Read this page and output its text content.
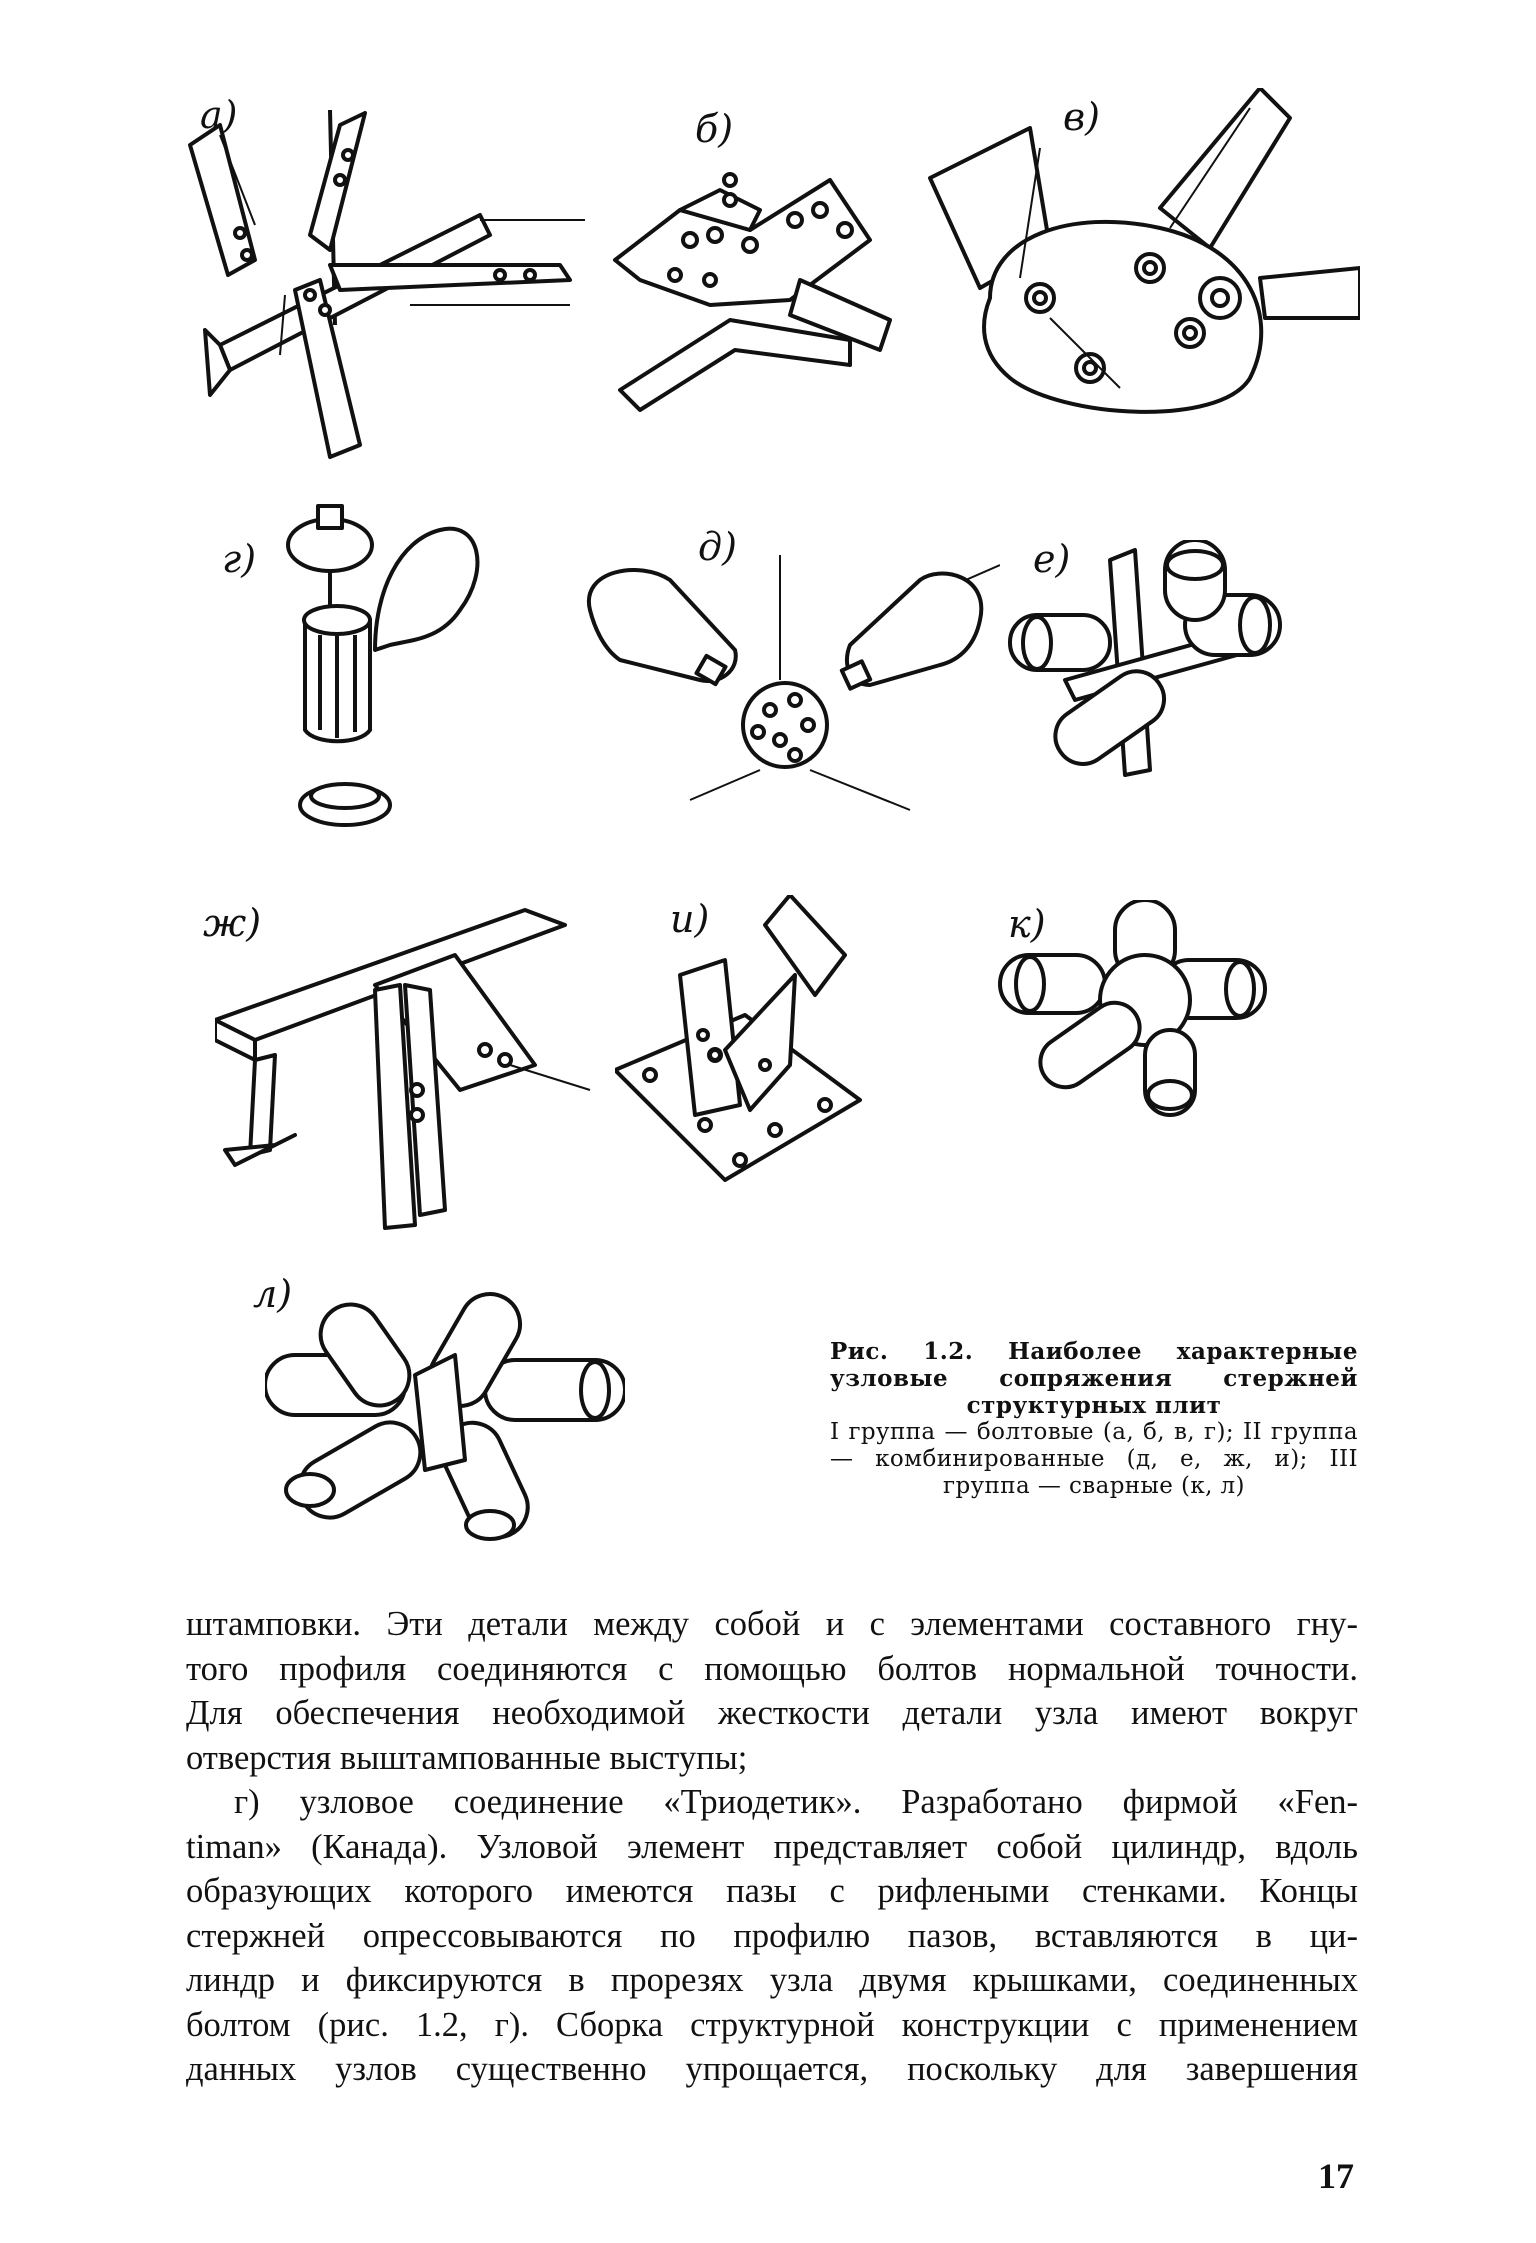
а)	б)	в)
г)	д)	е)
ж)	и)	к)
л)
Рис. 1.2. Наиболее характерные узловые сопряжения стержней структурных плит
I группа — болтовые (а, б, в, г); II группа — комбинированные (д, е, ж, и); III группа — сварные (к, л)

штамповки. Эти детали между собой и с элементами составного гну-

того профиля соединяются с помощью болтов нормальной точности.

Для обеспечения необходимой жесткости детали узла имеют вокруг

отверстия выштампованные выступы;

г) узловое соединение «Триодетик». Разработано фирмой «Fen-

timan» (Канада). Узловой элемент представляет собой цилиндр, вдоль

образующих которого имеются пазы с рифлеными стенками. Концы

стержней опрессовываются по профилю пазов, вставляются в ци-

линдр и фиксируются в прорезях узла двумя крышками, соединенных

болтом (рис. 1.2, г). Сборка структурной конструкции с применением

данных узлов существенно упрощается, поскольку для завершения

17
